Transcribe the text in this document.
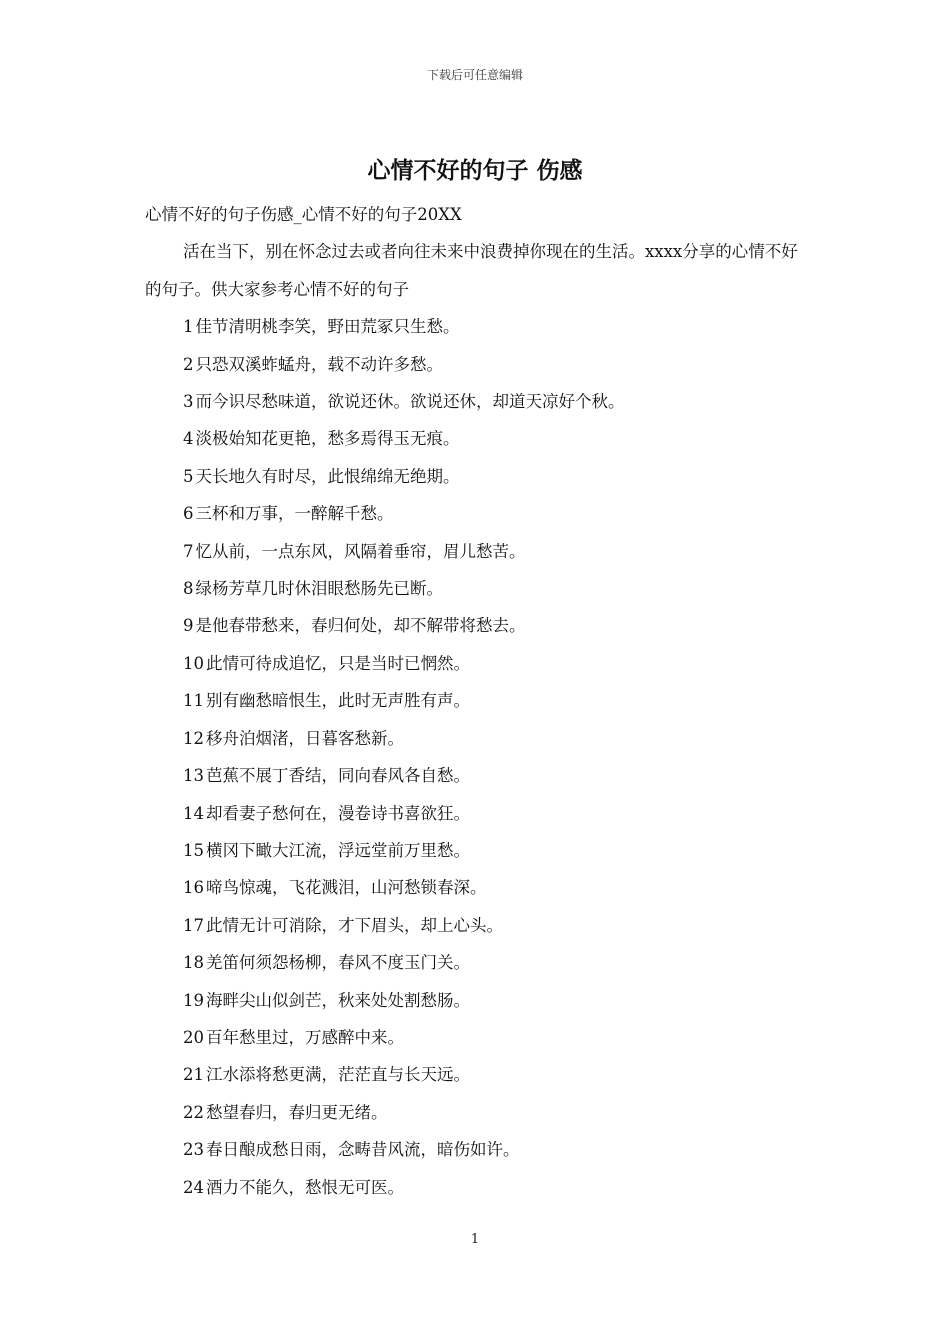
下载后可任意编辑
心情不好的句子 伤感

心情不好的句子伤感_心情不好的句子20XX

活在当下，别在怀念过去或者向往未来中浪费掉你现在的生活。xxxx分享的心情不好的句子。供大家参考心情不好的句子

1 佳节清明桃李笑，野田荒冢只生愁。

2 只恐双溪蚱蜢舟，载不动许多愁。

3 而今识尽愁味道，欲说还休。欲说还休，却道天凉好个秋。

4 淡极始知花更艳，愁多焉得玉无痕。

5 天长地久有时尽，此恨绵绵无绝期。

6 三杯和万事，一醉解千愁。

7 忆从前，一点东风，风隔着垂帘，眉儿愁苦。

8 绿杨芳草几时休泪眼愁肠先已断。

9 是他春带愁来，春归何处，却不解带将愁去。

10 此情可待成追忆，只是当时已惘然。

11 别有幽愁暗恨生，此时无声胜有声。

12 移舟泊烟渚，日暮客愁新。

13 芭蕉不展丁香结，同向春风各自愁。

14 却看妻子愁何在，漫卷诗书喜欲狂。

15 横冈下瞰大江流，浮远堂前万里愁。

16 啼鸟惊魂，飞花溅泪，山河愁锁春深。

17 此情无计可消除，才下眉头，却上心头。

18 羌笛何须怨杨柳，春风不度玉门关。

19 海畔尖山似剑芒，秋来处处割愁肠。

20 百年愁里过，万感醉中来。

21 江水添将愁更满，茫茫直与长天远。

22 愁望春归，春归更无绪。

23 春日酿成愁日雨，念畴昔风流，暗伤如许。

24 酒力不能久，愁恨无可医。

1
